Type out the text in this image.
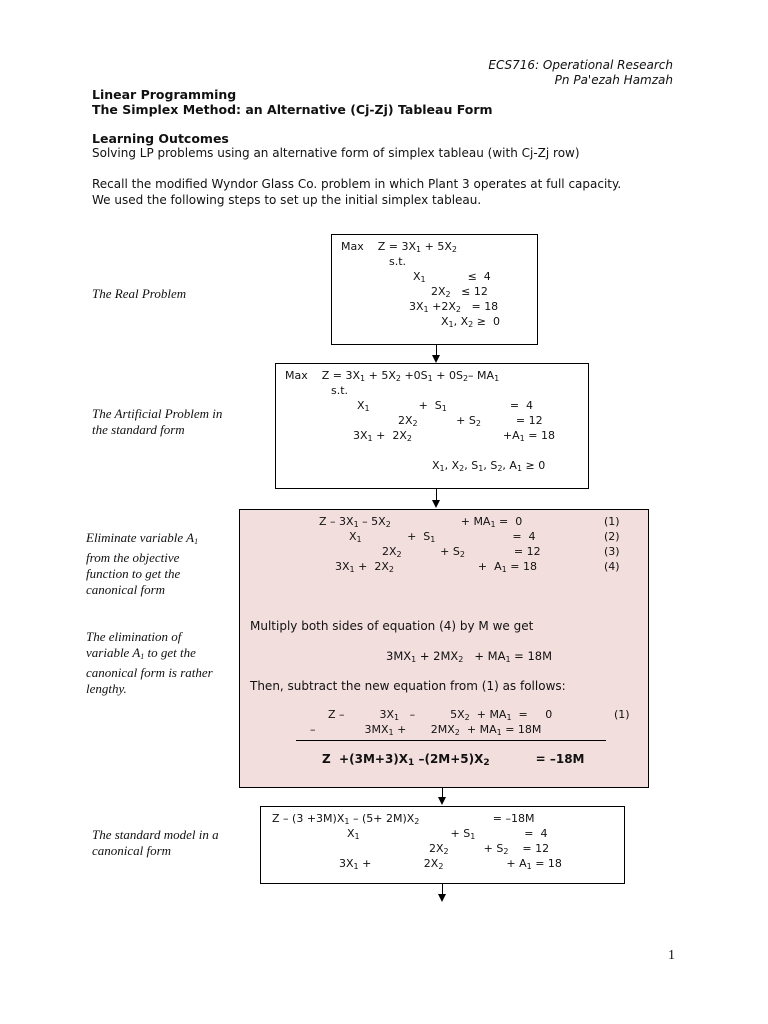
ECS716: Operational Research
Pn Pa'ezah Hamzah
Linear Programming
The Simplex Method: an Alternative (Cj-Zj) Tableau Form
Learning Outcomes
Solving LP problems using an alternative form of simplex tableau (with Cj-Zj row)
Recall the modified Wyndor Glass Co. problem in which Plant 3 operates at full capacity.
We used the following steps to set up the initial simplex tableau.
The Real Problem
The Artificial Problem in the standard form
Eliminate variable $A_1$ from the objective function to get the canonical form
The elimination of variable $A_1$ to get the canonical form is rather lengthy.
The standard model in a canonical form
Max    $Z = 3X_1 + 5X_2$
s.t.
$X_1$            ≤  4
$2X_2 \le 12$
$3X_1 +2X_2 = 18$
$X_1$, $X_2 \ge 0$
Max    $Z = 3X_1 + 5X_2 +0S_1 + 0S_2-$ $MA_1$
s.t.
$X_1$              +  $S_1$                  =  4
$2X_2$           + $S_2$          = 12
$3X_1 + 2X_2$                          $+A_1 = 18$
$X_1$, $X_2$, $S_1$, $S_2$, $A_1 \ge 0$
Z – $3X_1 - 5X_2$                    + $MA_1 = 0$
$X_1$             +  $S_1$                      =  4
$2X_2$           + $S_2$              = 12
$3X_1 + 2X_2$                        +  $A_1 = 18$
(1)
(2)
(3)
(4)
Multiply both sides of equation (4) by M we get
$3MX_1 + 2MX_2 + MA_1 = 18M$
Then, subtract the new equation from (1) as follows:
Z –          $3X_1$   –          $5X_2 + MA_1$  =     0	(1)
–              $3MX_1$ +       $2MX_2 + MA_1 = 18M$
$Z +(3M+3)X_1$ $-(2M+5)X_2$           = –18M
$Z - (3 +3M)X_1 - (5+ 2M)X_2$                     = –18M
$X_1$                          + $S_1$              =  4
$2X_2$          + $S_2$    = 12
$3X_1$ +               $2X_2$                  + $A_1 = 18$
1
